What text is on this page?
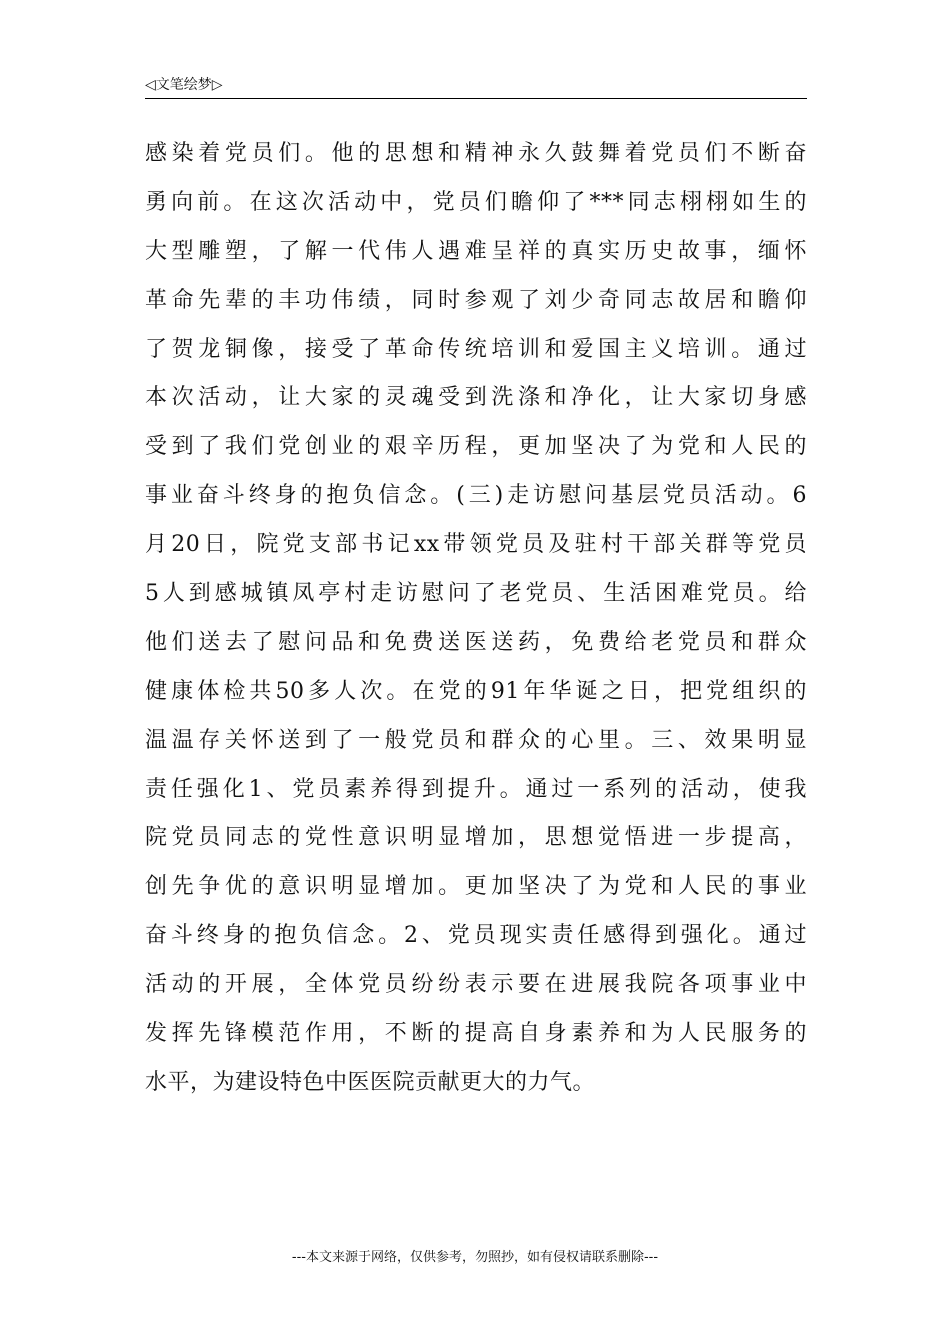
◁文笔绘梦▷
感染着党员们。他的思想和精神永久鼓舞着党员们不断奋
勇向前。在这次活动中，党员们瞻仰了***同志栩栩如生的
大型雕塑，了解一代伟人遇难呈祥的真实历史故事，缅怀
革命先辈的丰功伟绩，同时参观了刘少奇同志故居和瞻仰
了贺龙铜像，接受了革命传统培训和爱国主义培训。通过
本次活动，让大家的灵魂受到洗涤和净化，让大家切身感
受到了我们党创业的艰辛历程，更加坚决了为党和人民的
事业奋斗终身的抱负信念。(三)走访慰问基层党员活动。6
月20日，院党支部书记xx带领党员及驻村干部关群等党员
5人到感城镇凤亭村走访慰问了老党员、生活困难党员。给
他们送去了慰问品和免费送医送药，免费给老党员和群众
健康体检共50多人次。在党的91年华诞之日，把党组织的
温温存关怀送到了一般党员和群众的心里。三、效果明显
责任强化1、党员素养得到提升。通过一系列的活动，使我
院党员同志的党性意识明显增加，思想觉悟进一步提高，
创先争优的意识明显增加。更加坚决了为党和人民的事业
奋斗终身的抱负信念。2、党员现实责任感得到强化。通过
活动的开展，全体党员纷纷表示要在进展我院各项事业中
发挥先锋模范作用，不断的提高自身素养和为人民服务的
水平，为建设特色中医医院贡献更大的力气。
---本文来源于网络，仅供参考，勿照抄，如有侵权请联系删除---
